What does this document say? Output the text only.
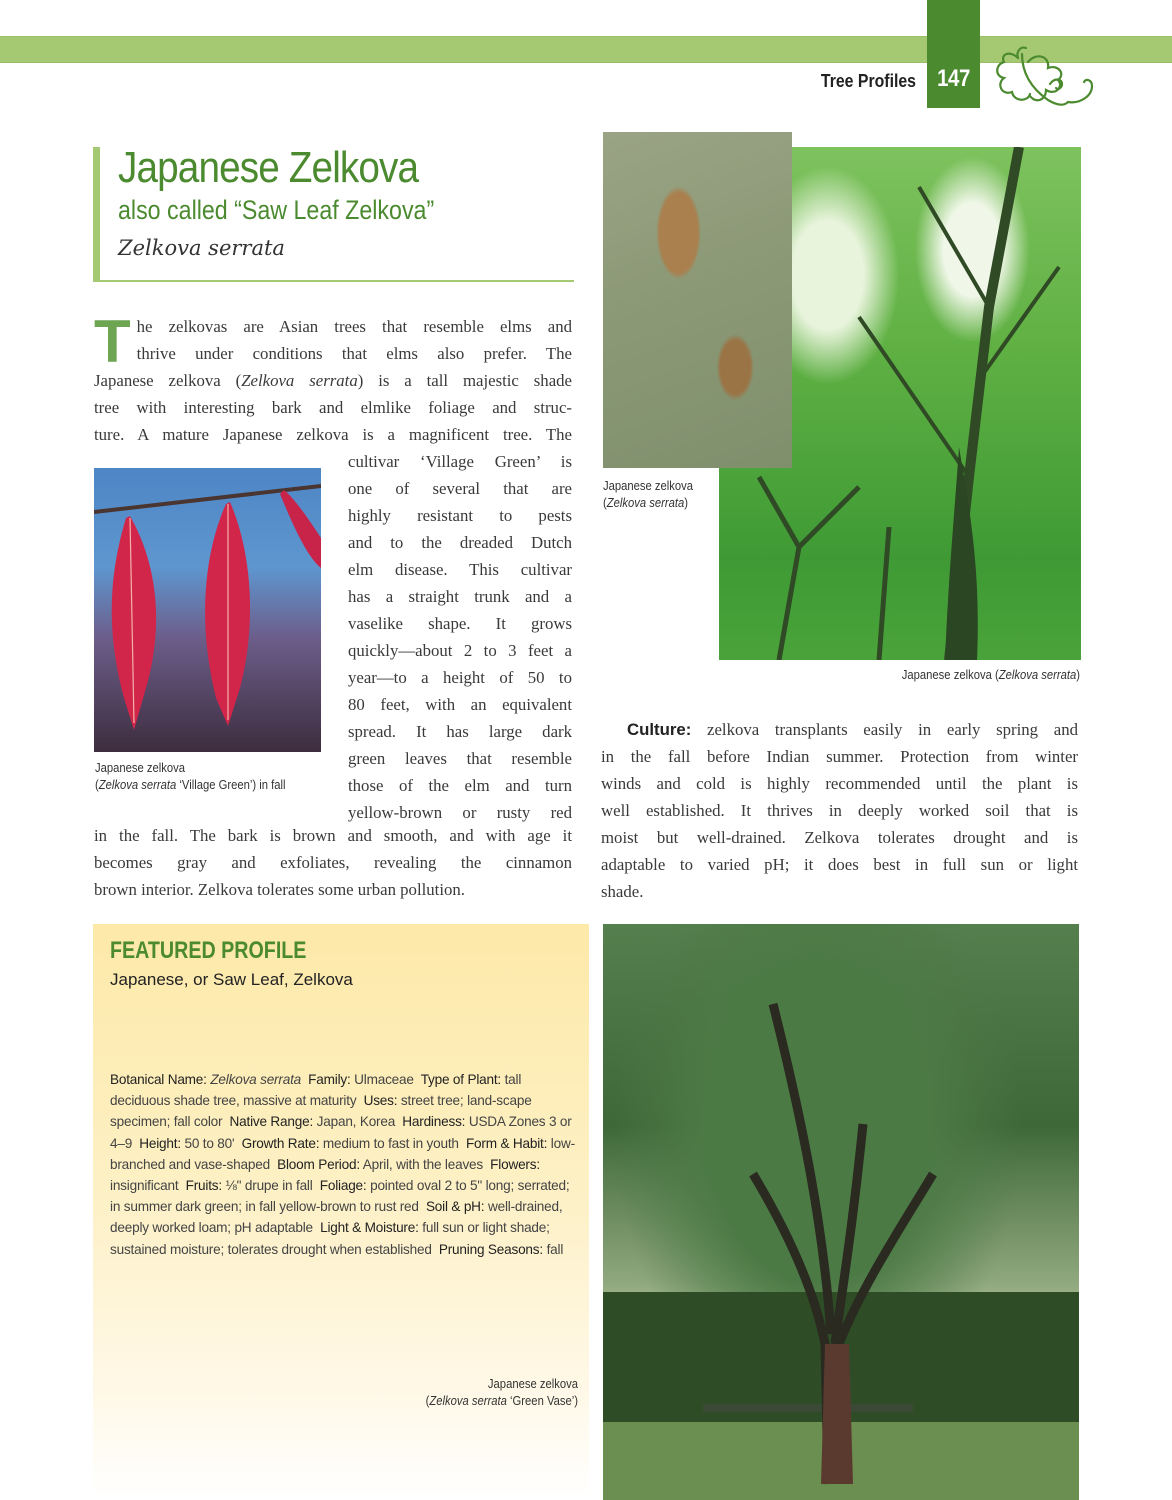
147
Tree Profiles
Japanese Zelkova
also called “Saw Leaf Zelkova”
Zelkova serrata
T he zelkovas are Asian trees that resemble elms and
thrive under conditions that elms also prefer. The
Japanese zelkova (Zelkova serrata) is a tall majestic shade
tree with interesting bark and elmlike foliage and struc-
ture. A mature Japanese zelkova is a magnificent tree. The
Japanese zelkova
(Zelkova serrata ‘Village Green’) in fall
cultivar ‘Village Green’ is
one of several that are
highly resistant to pests
and to the dreaded Dutch
elm disease. This cultivar
has a straight trunk and a
vaselike shape. It grows
quickly—about 2 to 3 feet a
year—to a height of 50 to
80 feet, with an equivalent
spread. It has large dark
green leaves that resemble
those of the elm and turn
yellow-brown or rusty red
in the fall. The bark is brown and smooth, and with age it
becomes gray and exfoliates, revealing the cinnamon
brown interior. Zelkova tolerates some urban pollution.
Japanese zelkova
(Zelkova serrata)
Japanese zelkova (Zelkova serrata)
Culture: zelkova transplants easily in early spring and
in the fall before Indian summer. Protection from winter
winds and cold is highly recommended until the plant is
well established. It thrives in deeply worked soil that is
moist but well-drained. Zelkova tolerates drought and is
adaptable to varied pH; it does best in full sun or light
shade.
FEATURED PROFILE
Japanese, or Saw Leaf, Zelkova
Botanical Name: Zelkova serrata Family: Ulmaceae Type of Plant: tall deciduous shade tree, massive at maturity Uses: street tree; land-scape specimen; fall color Native Range: Japan, Korea Hardiness: USDA Zones 3 or 4–9 Height: 50 to 80' Growth Rate: medium to fast in youth Form & Habit: low-branched and vase-shaped Bloom Period: April, with the leaves Flowers: insignificant Fruits: ⅛" drupe in fall Foliage: pointed oval 2 to 5" long; serrated; in summer dark green; in fall yellow-brown to rust red Soil & pH: well-drained, deeply worked loam; pH adaptable Light & Moisture: full sun or light shade; sustained moisture; tolerates drought when established Pruning Seasons: fall
Japanese zelkova
(Zelkova serrata ‘Green Vase’)
